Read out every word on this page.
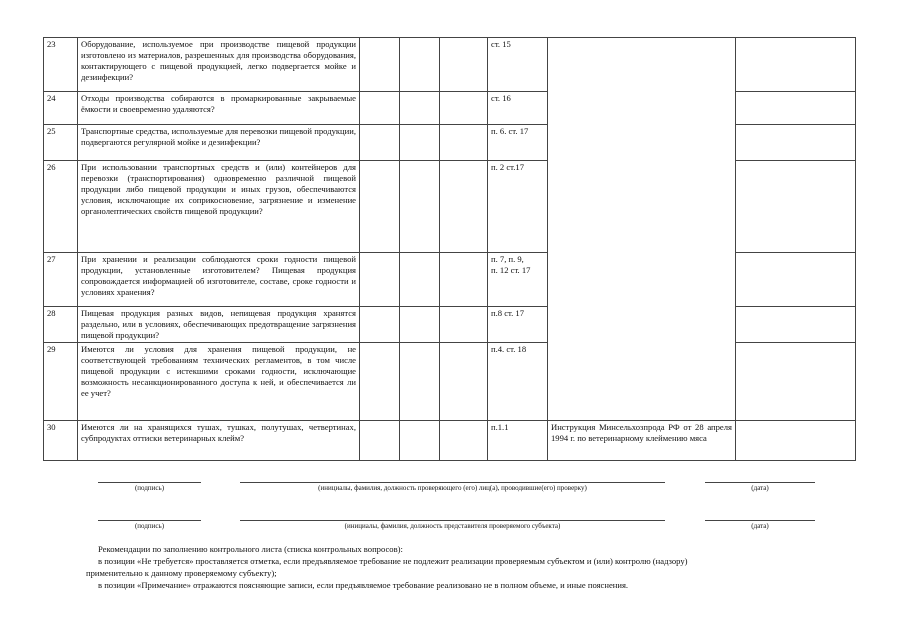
23	Оборудование, используемое при производстве пищевой продукции изготовлено из материалов, разрешенных для производства оборудования, контактирующего с пищевой продукцией, легко подвергается мойке и дезинфекции?				ст. 15		
24	Отходы производства собираются в промаркированные закрываемые ёмкости и своевременно удаляются?				ст. 16		
25	Транспортные средства, используемые для перевозки пищевой продукции, подвергаются регулярной мойке и дезинфекции?				п. 6. ст. 17		
26	При использовании транспортных средств и (или) контейнеров для перевозки (транспортирования) одновременно различной пищевой продукции либо пищевой продукции и иных грузов, обеспечиваются условия, исключающие их соприкосновение, загрязнение и изменение органолептических свойств пищевой продукции?				п. 2 ст.17		
27	При хранении и реализации соблюдаются сроки годности пищевой продукции, установленные изготовителем? Пищевая продукция сопровождается информацией об изготовителе, составе, сроке годности и условиях хранения?				п. 7, п. 9,
п. 12 ст. 17		
28	Пищевая продукция разных видов, непищевая продукция хранятся раздельно, или в условиях, обеспечивающих предотвращение загрязнения пищевой продукции?				п.8 ст. 17		
29	Имеются ли условия для хранения пищевой продукции, не соответствующей требованиям технических регламентов, в том числе пищевой продукции с истекшими сроками годности, исключающие возможность несанкционированного доступа к ней, и обеспечивается ли ее учет?				п.4. ст. 18		
30	Имеются ли на хранящихся тушах, тушках, полутушах, четвертинах, субпродуктах оттиски ветеринарных клейм?				п.1.1	Инструкция Минсельхозпрода РФ от 28 апреля 1994 г. по ветеринарному клеймению мяса	
(подпись)	(инициалы, фамилия, должность проверяющего (его) лиц(а), проводившие(его) проверку)	(дата)
(подпись)	(инициалы, фамилия, должность представителя проверяемого субъекта)	(дата)

Рекомендации по заполнению контрольного листа (списка контрольных вопросов):

в позиции «Не требуется» проставляется отметка, если предъявляемое требование не подлежит реализации проверяемым субъектом и (или) контролю (надзору)

применительно к данному проверяемому субъекту);

в позиции «Примечание» отражаются поясняющие записи, если предъявляемое требование реализовано не в полном объеме, и иные пояснения.
